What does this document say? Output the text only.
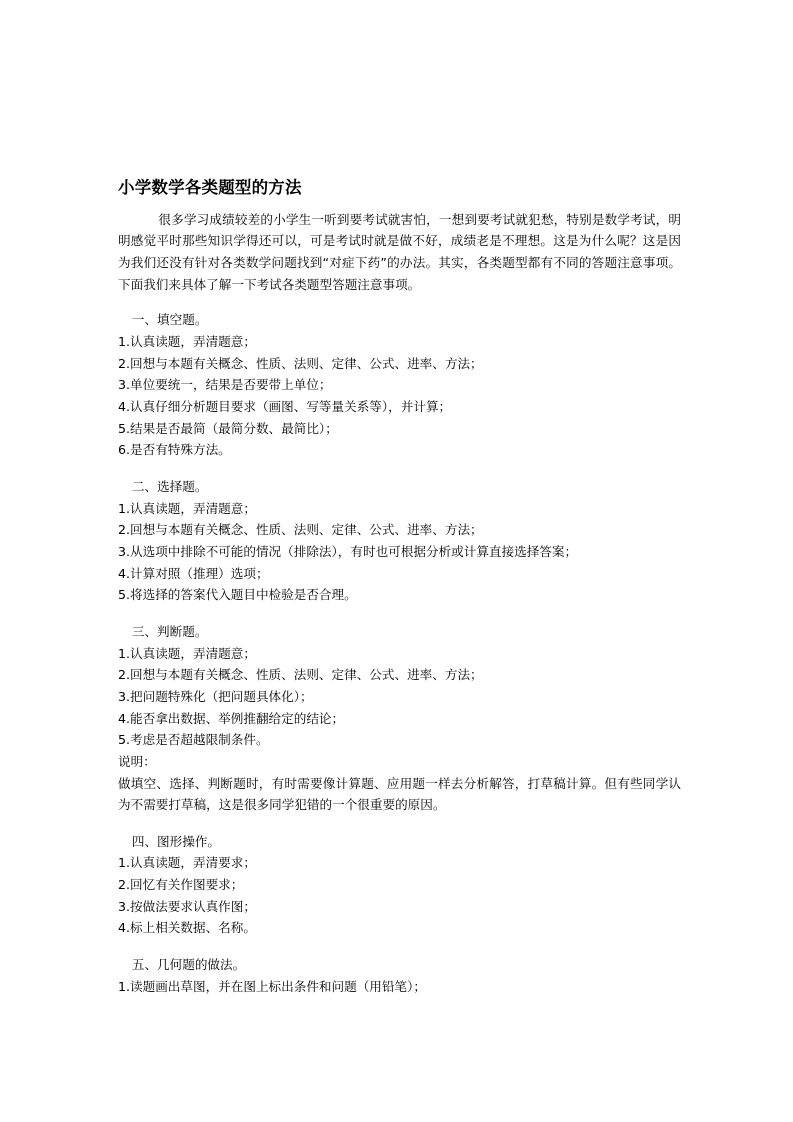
小学数学各类题型的方法

很多学习成绩较差的小学生一听到要考试就害怕，一想到要考试就犯愁，特别是数学考试，明明感觉平时那些知识学得还可以，可是考试时就是做不好，成绩老是不理想。这是为什么呢？这是因为我们还没有针对各类数学问题找到“对症下药”的办法。其实，各类题型都有不同的答题注意事项。下面我们来具体了解一下考试各类题型答题注意事项。

一、填空题。

1.认真读题，弄清题意；

2.回想与本题有关概念、性质、法则、定律、公式、进率、方法；

3.单位要统一，结果是否要带上单位；

4.认真仔细分析题目要求（画图、写等量关系等），并计算；

5.结果是否最简（最简分数、最简比）；

6.是否有特殊方法。

二、选择题。

1.认真读题，弄清题意；

2.回想与本题有关概念、性质、法则、定律、公式、进率、方法；

3.从选项中排除不可能的情况（排除法），有时也可根据分析或计算直接选择答案；

4.计算对照（推理）选项；

5.将选择的答案代入题目中检验是否合理。

三、判断题。

1.认真读题，弄清题意；

2.回想与本题有关概念、性质、法则、定律、公式、进率、方法；

3.把问题特殊化（把问题具体化）；

4.能否拿出数据、举例推翻给定的结论；

5.考虑是否超越限制条件。

说明：

做填空、选择、判断题时，有时需要像计算题、应用题一样去分析解答，打草稿计算。但有些同学认为不需要打草稿，这是很多同学犯错的一个很重要的原因。

四、图形操作。

1.认真读题，弄清要求；

2.回忆有关作图要求；

3.按做法要求认真作图；

4.标上相关数据、名称。

五、几何题的做法。

1.读题画出草图，并在图上标出条件和问题（用铅笔）；
